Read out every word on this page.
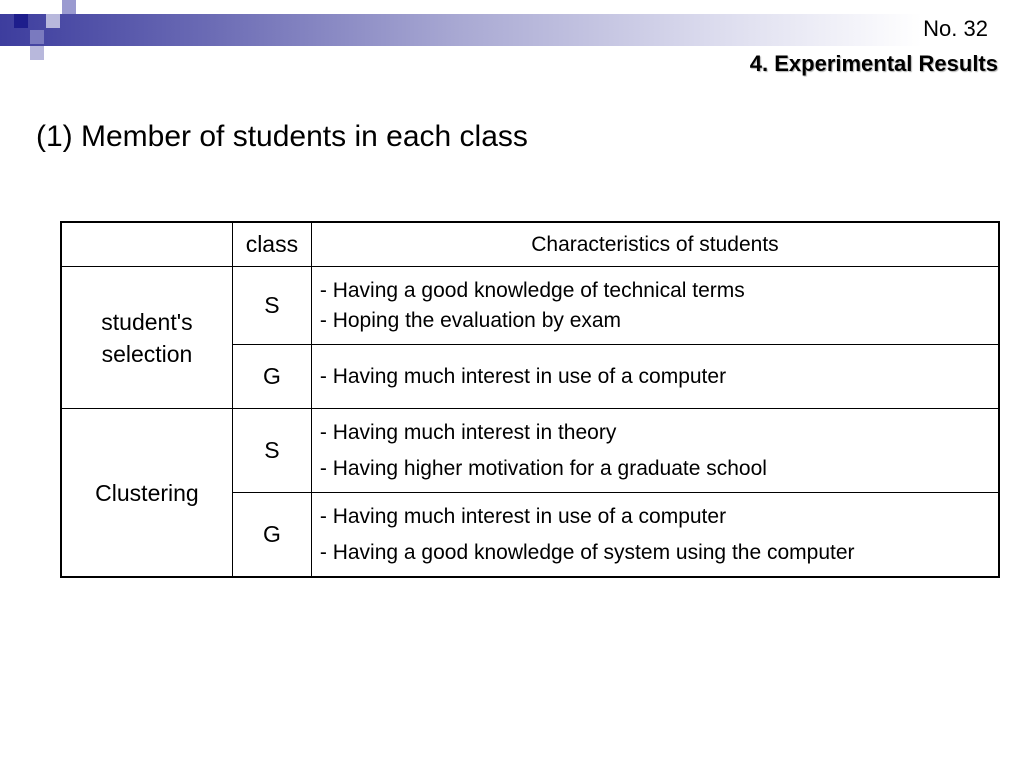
No. 32
4. Experimental Results
(1) Member of students in each class
	class	Characteristics of students

student's
selection	S	- Having a good knowledge of technical terms
- Hoping the evaluation by exam

	G	- Having much interest in use of a computer

Clustering	S	- Having much interest in theory
- Having higher motivation for a graduate school

	G	- Having much interest in use of a computer
- Having a good knowledge of system using the computer
